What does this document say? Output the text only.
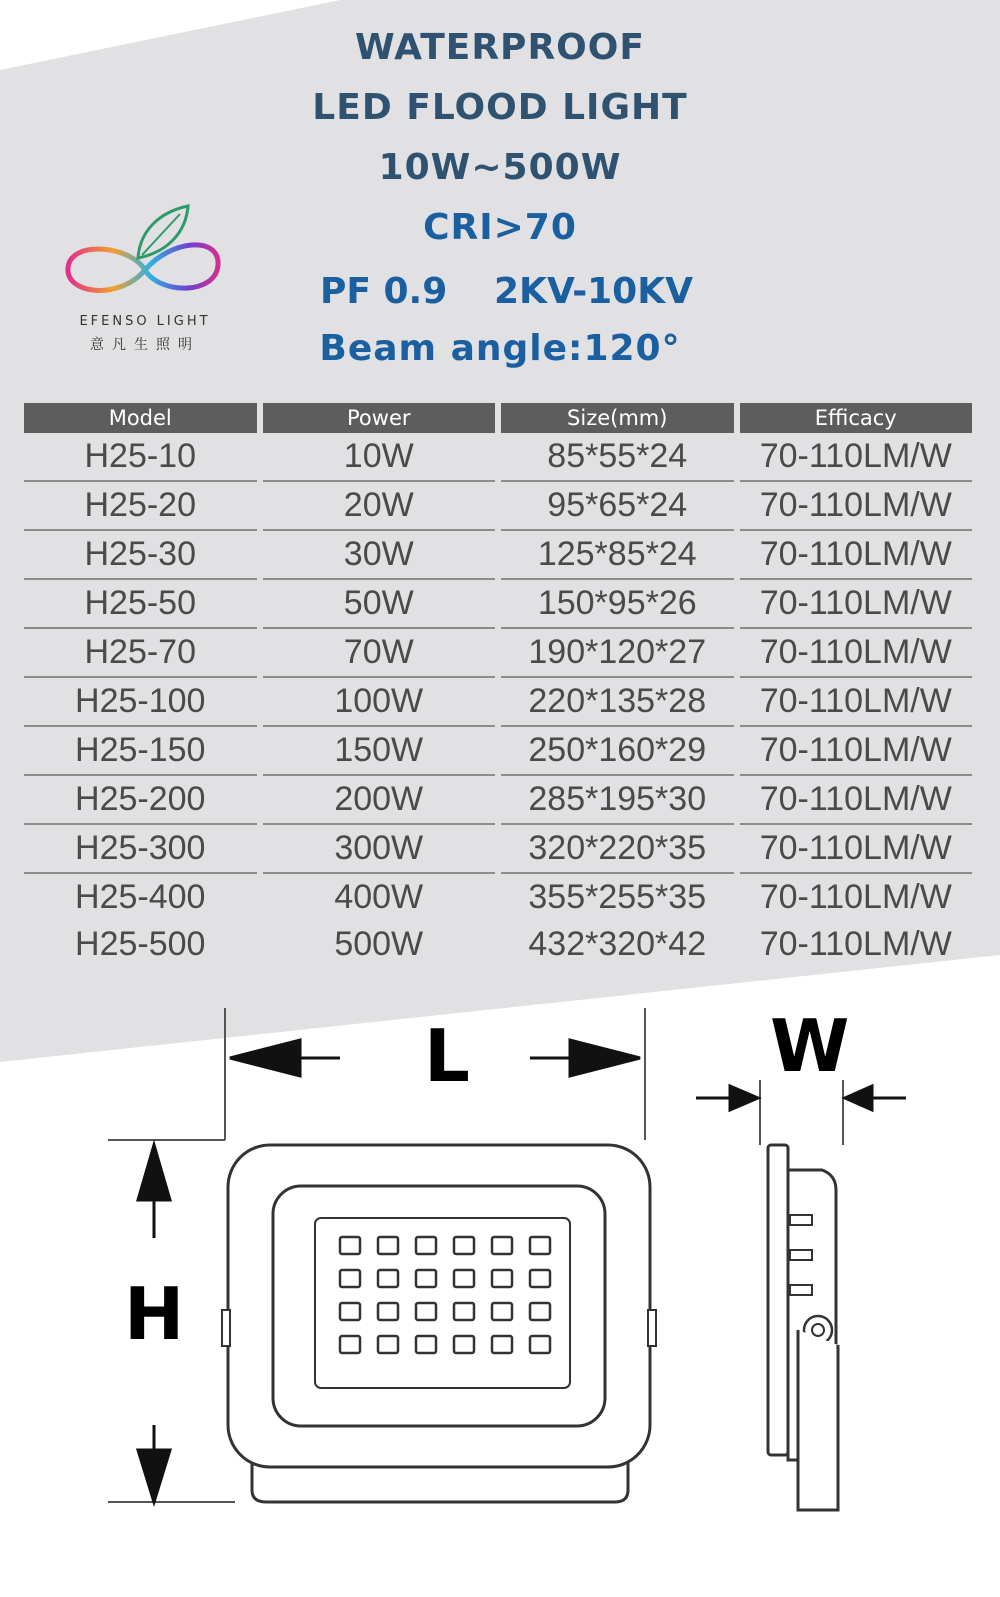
EFENSO LIGHT
意凡生照明
WATERPROOF
LED FLOOD LIGHT
10W~500W
CRI>70
PF 0.9 2KV-10KV
Beam angle:120°
Model	Power	Size(mm)	Efficacy
H25-10	10W	85*55*24	70-110LM/W
H25-20	20W	95*65*24	70-110LM/W
H25-30	30W	125*85*24	70-110LM/W
H25-50	50W	150*95*26	70-110LM/W
H25-70	70W	190*120*27	70-110LM/W
H25-100	100W	220*135*28	70-110LM/W
H25-150	150W	250*160*29	70-110LM/W
H25-200	200W	285*195*30	70-110LM/W
H25-300	300W	320*220*35	70-110LM/W
H25-400	400W	355*255*35	70-110LM/W
H25-500	500W	432*320*42	70-110LM/W
L	W
H
